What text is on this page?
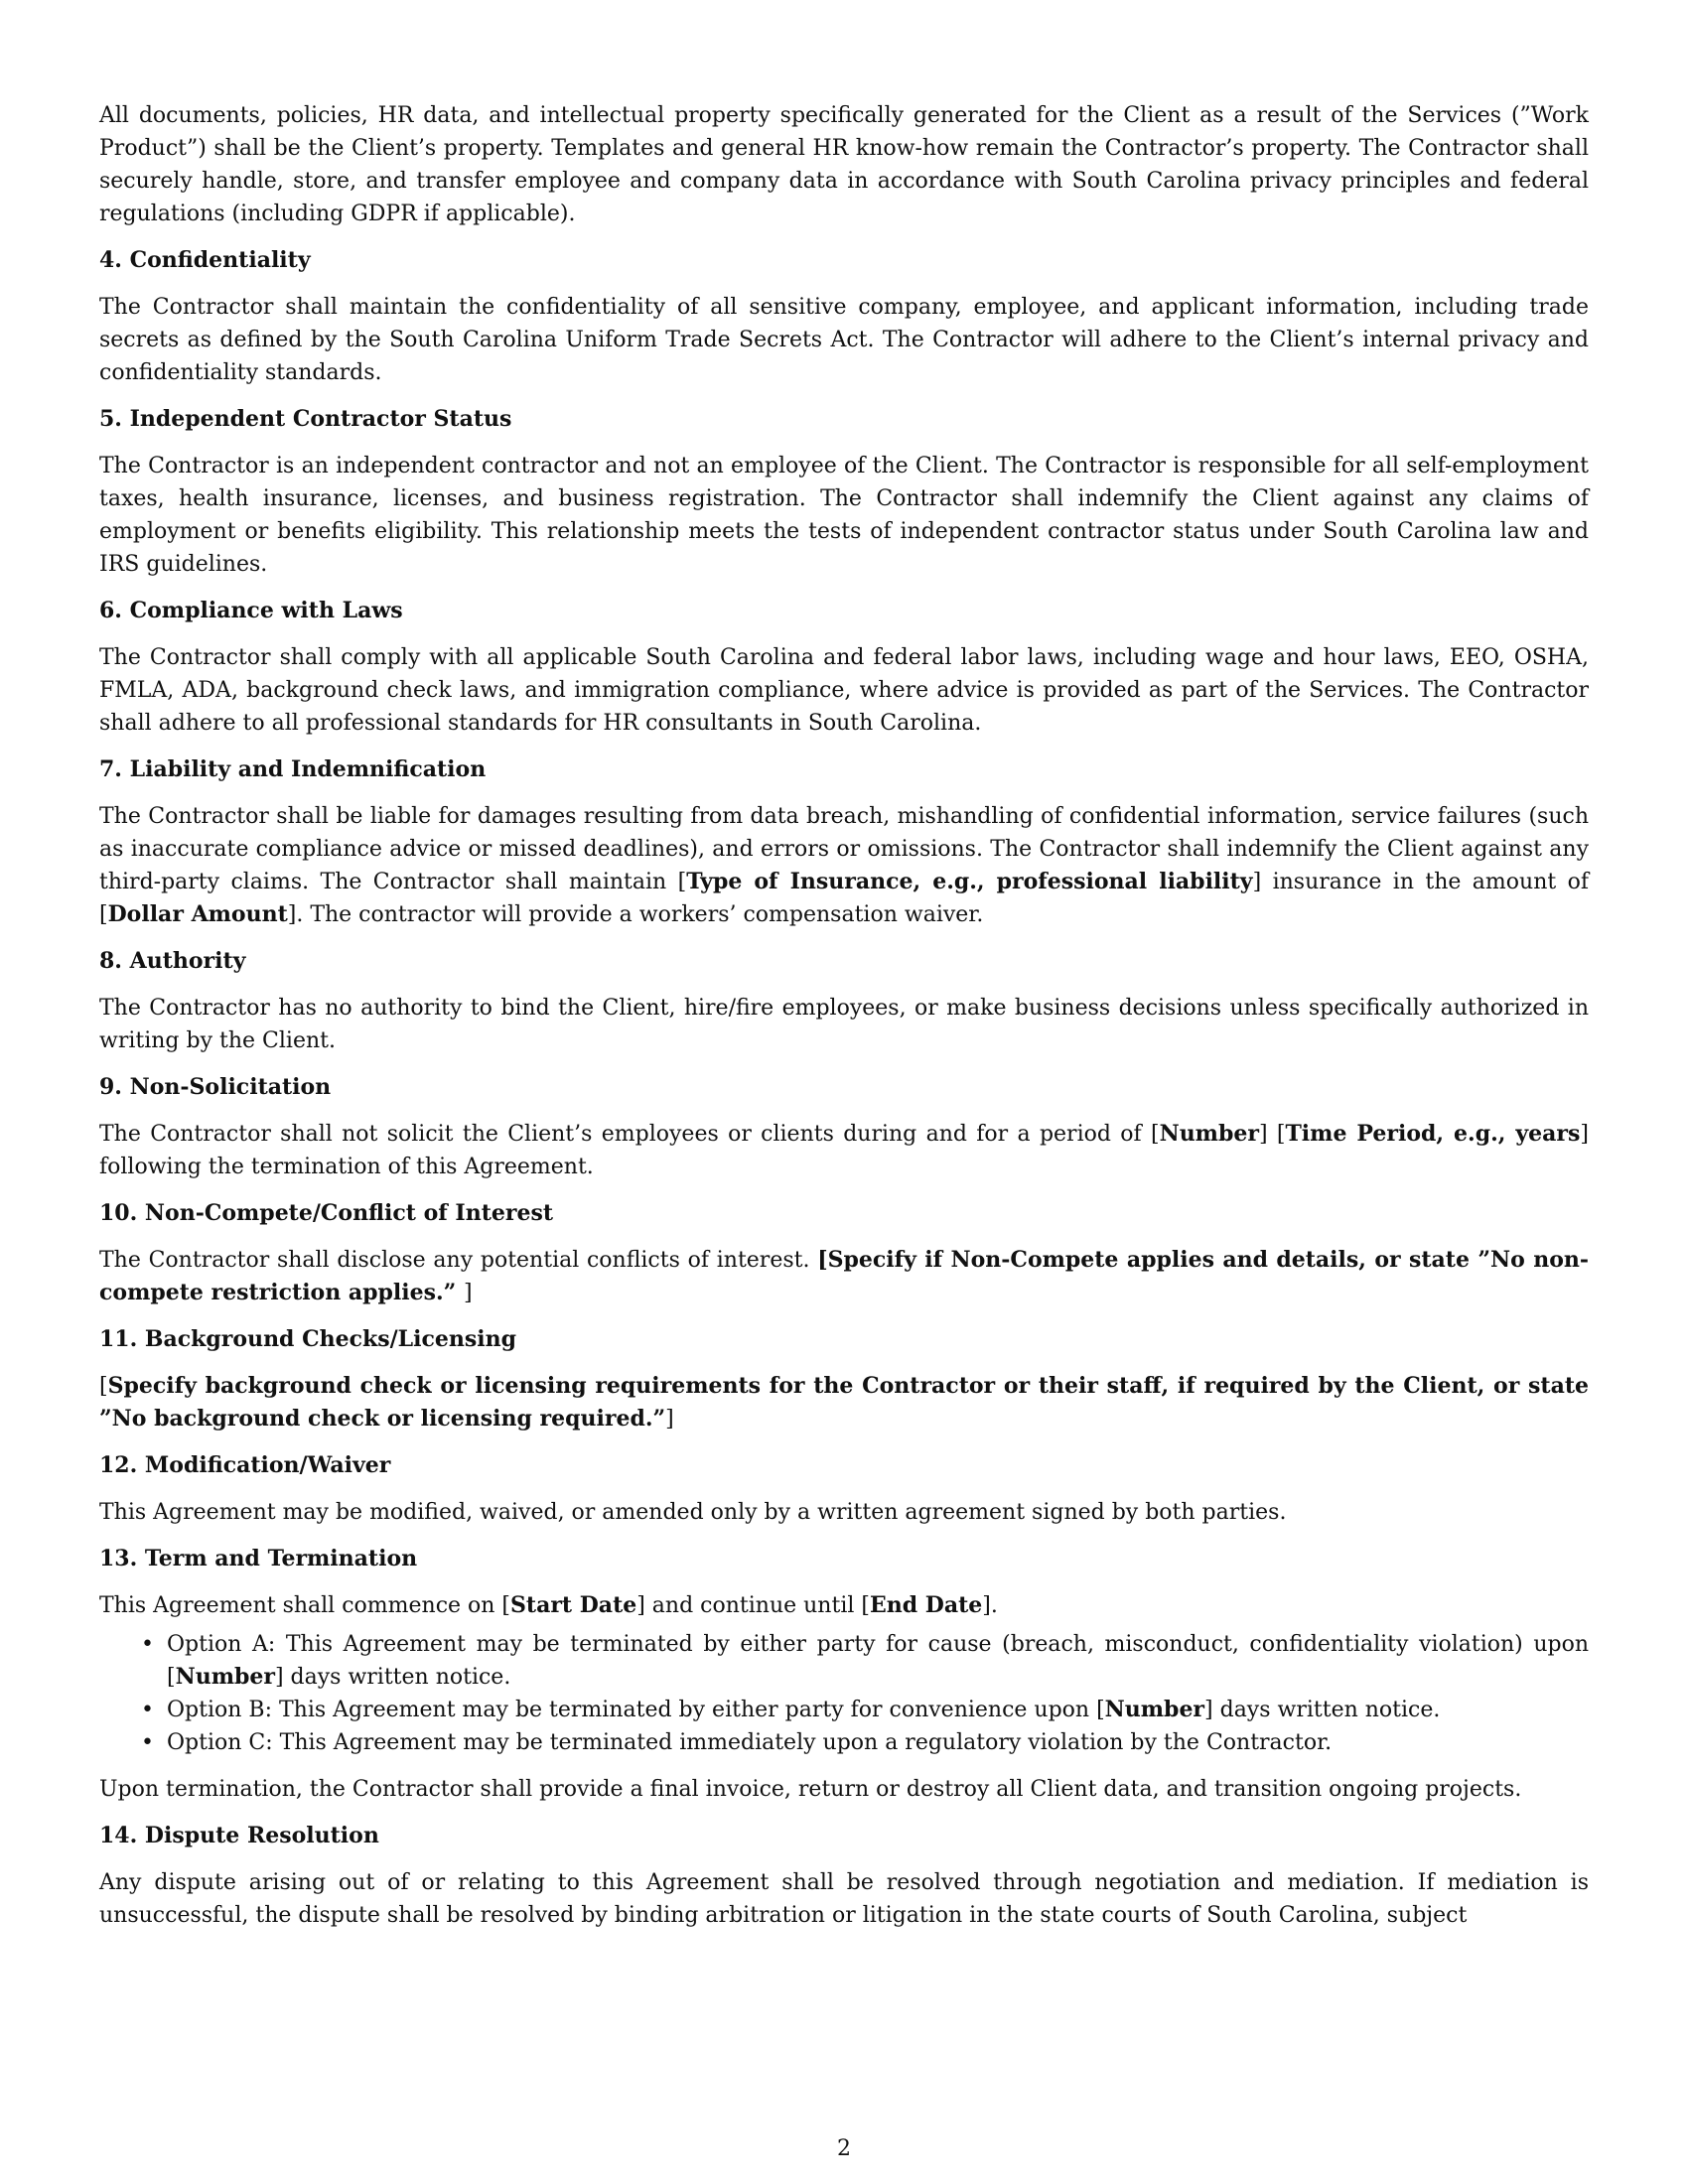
All documents, policies, HR data, and intellectual property specifically generated for the Client as a result of the Services (”Work Product”) shall be the Client’s property. Templates and general HR know-how remain the Contractor’s property. The Contractor shall securely handle, store, and transfer employee and company data in accordance with South Carolina privacy principles and federal regulations (including GDPR if applicable).

4. Confidentiality

The Contractor shall maintain the confidentiality of all sensitive company, employee, and applicant information, including trade secrets as defined by the South Carolina Uniform Trade Secrets Act. The Contractor will adhere to the Client’s internal privacy and confidentiality standards.

5. Independent Contractor Status

The Contractor is an independent contractor and not an employee of the Client. The Contractor is responsible for all self-employment taxes, health insurance, licenses, and business registration. The Contractor shall indemnify the Client against any claims of employment or benefits eligibility. This relationship meets the tests of independent contractor status under South Carolina law and IRS guidelines.

6. Compliance with Laws

The Contractor shall comply with all applicable South Carolina and federal labor laws, including wage and hour laws, EEO, OSHA, FMLA, ADA, background check laws, and immigration compliance, where advice is provided as part of the Services. The Contractor shall adhere to all professional standards for HR consultants in South Carolina.

7. Liability and Indemnification

The Contractor shall be liable for damages resulting from data breach, mishandling of confidential information, service failures (such as inaccurate compliance advice or missed deadlines), and errors or omissions. The Contractor shall indemnify the Client against any third-party claims. The Contractor shall maintain [Type of Insurance, e.g., professional liability] insurance in the amount of [Dollar Amount]. The contractor will provide a workers’ compensation waiver.

8. Authority

The Contractor has no authority to bind the Client, hire/fire employees, or make business decisions unless specifically authorized in writing by the Client.

9. Non-Solicitation

The Contractor shall not solicit the Client’s employees or clients during and for a period of [Number] [Time Period, e.g., years] following the termination of this Agreement.

10. Non-Compete/Conflict of Interest

The Contractor shall disclose any potential conflicts of interest. [Specify if Non-Compete applies and details, or state ”No non-compete restriction applies.” ]

11. Background Checks/Licensing

[Specify background check or licensing requirements for the Contractor or their staff, if required by the Client, or state ”No background check or licensing required.”]

12. Modification/Waiver

This Agreement may be modified, waived, or amended only by a written agreement signed by both parties.

13. Term and Termination

This Agreement shall commence on [Start Date] and continue until [End Date].

• Option A: This Agreement may be terminated by either party for cause (breach, misconduct, confidentiality violation) upon [Number] days written notice.
• Option B: This Agreement may be terminated by either party for convenience upon [Number] days written notice.
• Option C: This Agreement may be terminated immediately upon a regulatory violation by the Contractor.

Upon termination, the Contractor shall provide a final invoice, return or destroy all Client data, and transition ongoing projects.

14. Dispute Resolution

Any dispute arising out of or relating to this Agreement shall be resolved through negotiation and mediation. If mediation is unsuccessful, the dispute shall be resolved by binding arbitration or litigation in the state courts of South Carolina, subject

2
